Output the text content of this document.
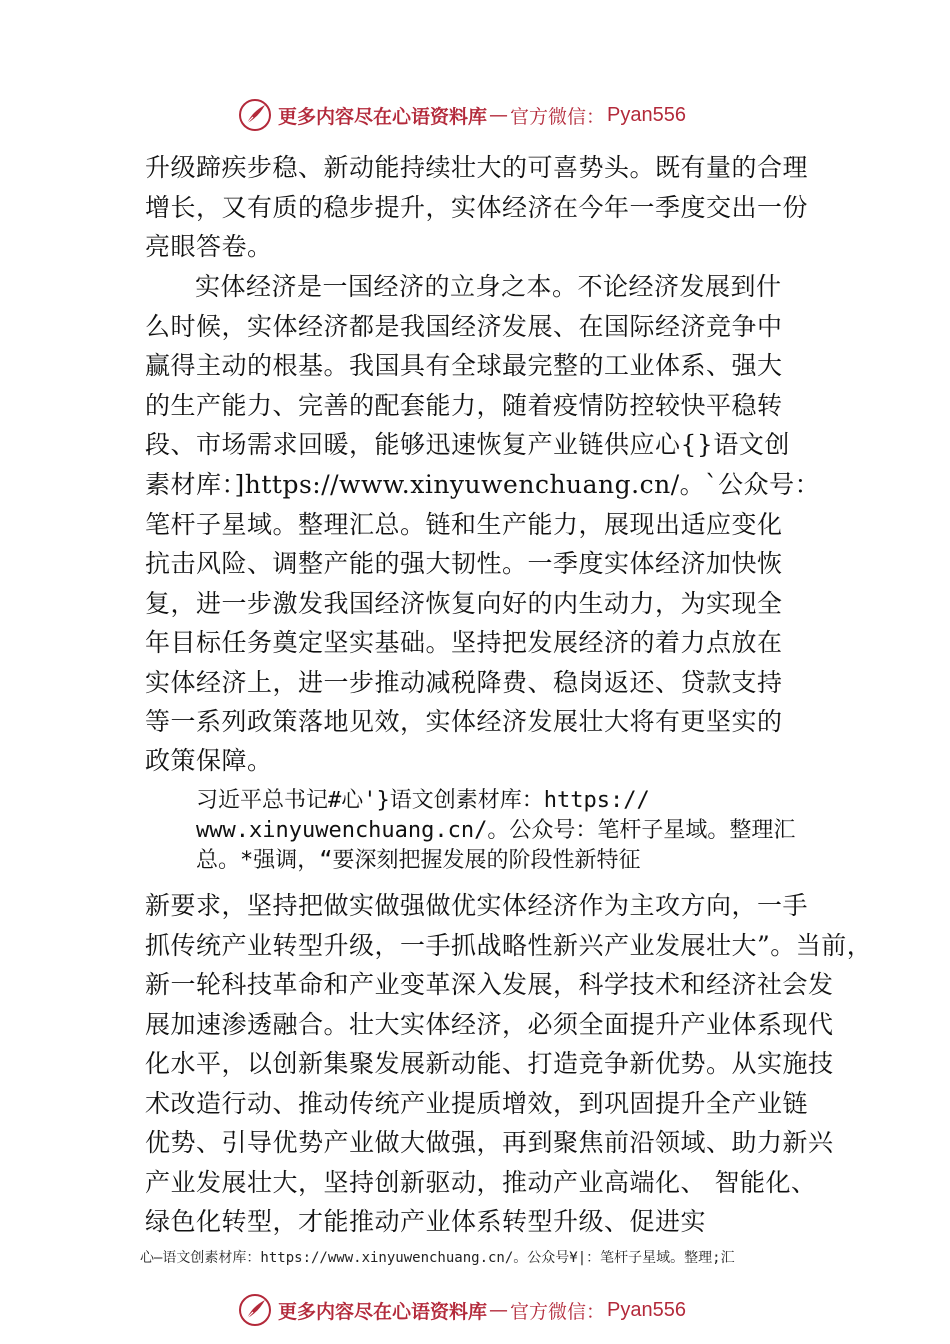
更多内容尽在心语资料库 — 官方微信： Pyan556
升级蹄疾步稳、新动能持续壮大的可喜势头。既有量的合理
增长，又有质的稳步提升，实体经济在今年一季度交出一份
亮眼答卷。
实体经济是一国经济的立身之本。不论经济发展到什
么时候，实体经济都是我国经济发展、在国际经济竞争中
赢得主动的根基。我国具有全球最完整的工业体系、强大
的生产能力、完善的配套能力，随着疫情防控较快平稳转
段、市场需求回暖，能够迅速恢复产业链供应心{}语文创
素材库：]https://www.xinyuwenchuang.cn/。`公众号：
笔杆子星域。整理汇总。链和生产能力，展现出适应变化
抗击风险、调整产能的强大韧性。一季度实体经济加快恢
复，进一步激发我国经济恢复向好的内生动力，为实现全
年目标任务奠定坚实基础。坚持把发展经济的着力点放在
实体经济上，进一步推动减税降费、稳岗返还、贷款支持
等一系列政策落地见效，实体经济发展壮大将有更坚实的
政策保障。
习近平总书记#心'}语文创素材库：https://
www.xinyuwenchuang.cn/。公众号：笔杆子星域。整理汇
总。*强调，“要深刻把握发展的阶段性新特征
新要求，坚持把做实做强做优实体经济作为主攻方向，一手
抓传统产业转型升级，一手抓战略性新兴产业发展壮大”。当前，
新一轮科技革命和产业变革深入发展，科学技术和经济社会发
展加速渗透融合。壮大实体经济，必须全面提升产业体系现代
化水平，以创新集聚发展新动能、打造竞争新优势。从实施技
术改造行动、推动传统产业提质增效，到巩固提升全产业链
优势、引导优势产业做大做强，再到聚焦前沿领域、助力新兴
产业发展壮大，坚持创新驱动，推动产业高端化、 智能化、
绿色化转型，才能推动产业体系转型升级、促进实
心—语文创素材库：https://www.xinyuwenchuang.cn/。公众号¥|：笔杆子星域。整理;汇
更多内容尽在心语资料库 — 官方微信： Pyan556
